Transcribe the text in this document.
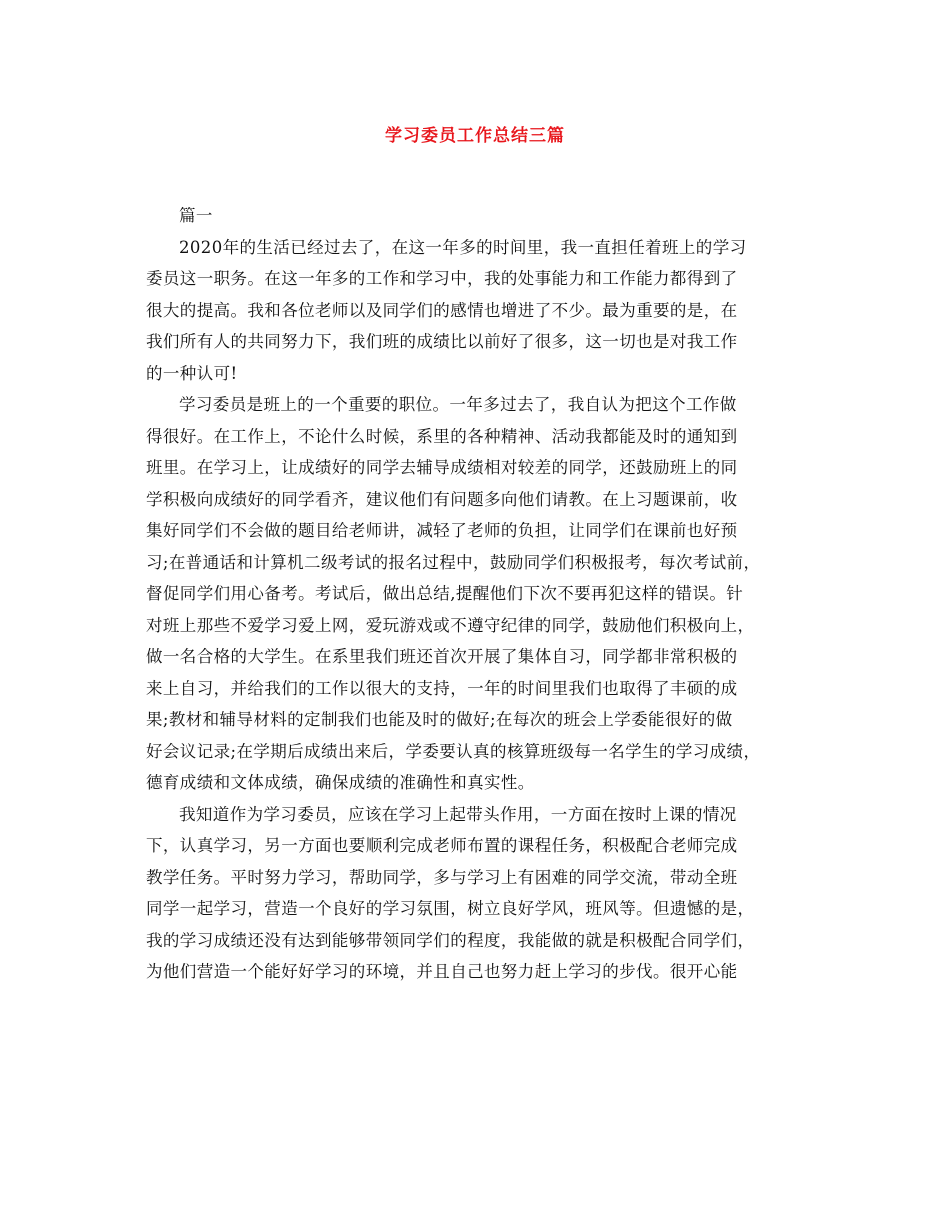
学习委员工作总结三篇
篇一
2020年的生活已经过去了，在这一年多的时间里，我一直担任着班上的学习
委员这一职务。在这一年多的工作和学习中，我的处事能力和工作能力都得到了
很大的提高。我和各位老师以及同学们的感情也增进了不少。最为重要的是，在
我们所有人的共同努力下，我们班的成绩比以前好了很多，这一切也是对我工作
的一种认可!
学习委员是班上的一个重要的职位。一年多过去了，我自认为把这个工作做
得很好。在工作上，不论什么时候，系里的各种精神、活动我都能及时的通知到
班里。在学习上，让成绩好的同学去辅导成绩相对较差的同学，还鼓励班上的同
学积极向成绩好的同学看齐，建议他们有问题多向他们请教。在上习题课前，收
集好同学们不会做的题目给老师讲，减轻了老师的负担，让同学们在课前也好预
习;在普通话和计算机二级考试的报名过程中，鼓励同学们积极报考，每次考试前，
督促同学们用心备考。考试后，做出总结,提醒他们下次不要再犯这样的错误。针
对班上那些不爱学习爱上网，爱玩游戏或不遵守纪律的同学，鼓励他们积极向上，
做一名合格的大学生。在系里我们班还首次开展了集体自习，同学都非常积极的
来上自习，并给我们的工作以很大的支持，一年的时间里我们也取得了丰硕的成
果;教材和辅导材料的定制我们也能及时的做好;在每次的班会上学委能很好的做
好会议记录;在学期后成绩出来后，学委要认真的核算班级每一名学生的学习成绩，
德育成绩和文体成绩，确保成绩的准确性和真实性。
我知道作为学习委员，应该在学习上起带头作用，一方面在按时上课的情况
下，认真学习，另一方面也要顺利完成老师布置的课程任务，积极配合老师完成
教学任务。平时努力学习，帮助同学，多与学习上有困难的同学交流，带动全班
同学一起学习，营造一个良好的学习氛围，树立良好学风，班风等。但遗憾的是，
我的学习成绩还没有达到能够带领同学们的程度，我能做的就是积极配合同学们，
为他们营造一个能好好学习的环境，并且自己也努力赶上学习的步伐。很开心能
